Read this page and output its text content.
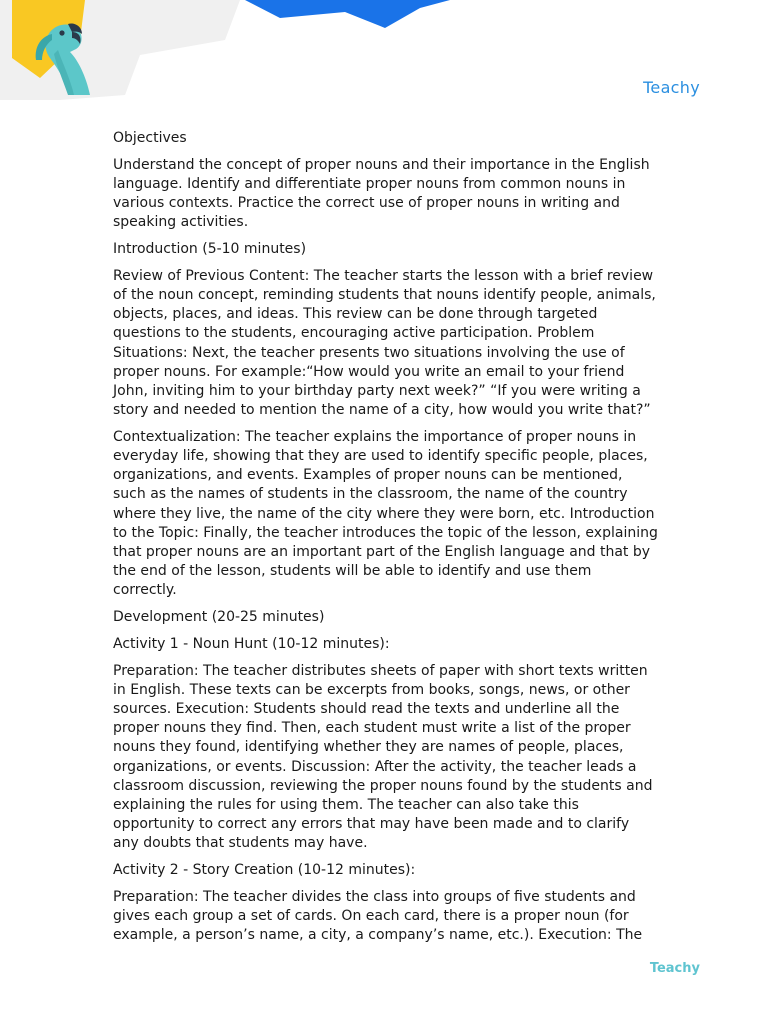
Teachy

Objectives

Understand the concept of proper nouns and their importance in the English language. Identify and differentiate proper nouns from common nouns in various contexts. Practice the correct use of proper nouns in writing and speaking activities.

Introduction (5-10 minutes)

Review of Previous Content: The teacher starts the lesson with a brief review of the noun concept, reminding students that nouns identify people, animals, objects, places, and ideas. This review can be done through targeted questions to the students, encouraging active participation. Problem Situations: Next, the teacher presents two situations involving the use of proper nouns. For example:“How would you write an email to your friend John, inviting him to your birthday party next week?” “If you were writing a story and needed to mention the name of a city, how would you write that?”

Contextualization: The teacher explains the importance of proper nouns in everyday life, showing that they are used to identify specific people, places, organizations, and events. Examples of proper nouns can be mentioned, such as the names of students in the classroom, the name of the country where they live, the name of the city where they were born, etc. Introduction to the Topic: Finally, the teacher introduces the topic of the lesson, explaining that proper nouns are an important part of the English language and that by the end of the lesson, students will be able to identify and use them correctly.

Development (20-25 minutes)

Activity 1 - Noun Hunt (10-12 minutes):

Preparation: The teacher distributes sheets of paper with short texts written in English. These texts can be excerpts from books, songs, news, or other sources. Execution: Students should read the texts and underline all the proper nouns they find. Then, each student must write a list of the proper nouns they found, identifying whether they are names of people, places, organizations, or events. Discussion: After the activity, the teacher leads a classroom discussion, reviewing the proper nouns found by the students and explaining the rules for using them. The teacher can also take this opportunity to correct any errors that may have been made and to clarify any doubts that students may have.

Activity 2 - Story Creation (10-12 minutes):

Preparation: The teacher divides the class into groups of five students and gives each group a set of cards. On each card, there is a proper noun (for example, a person’s name, a city, a company’s name, etc.). Execution: The

Teachy
